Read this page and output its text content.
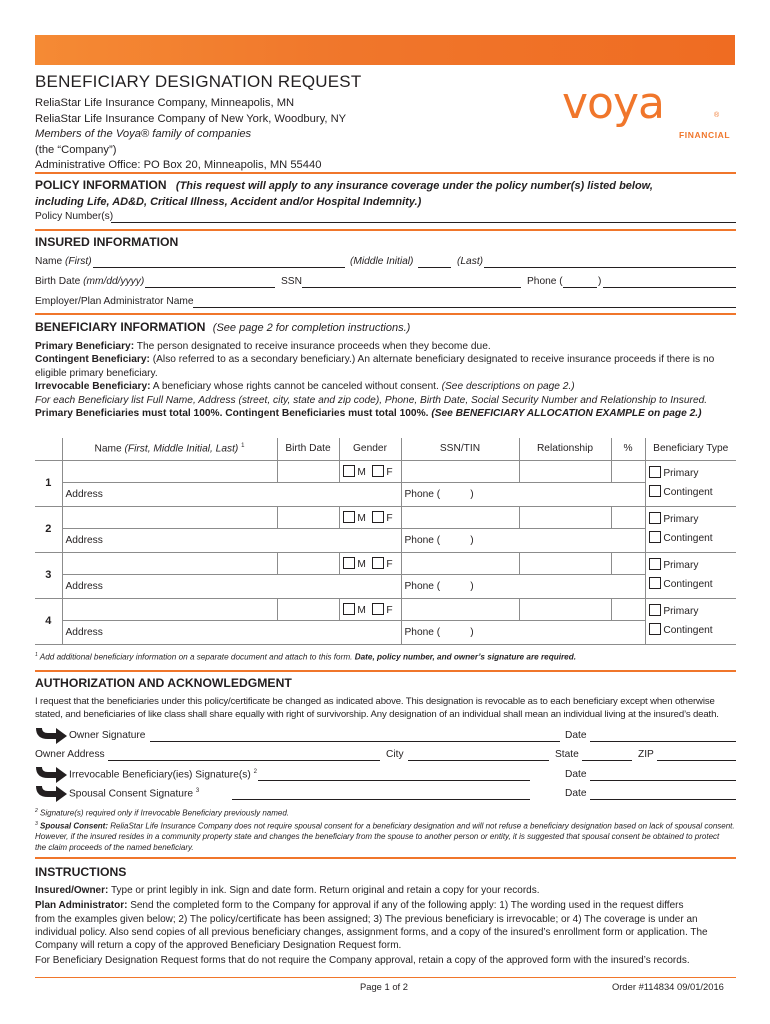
BENEFICIARY DESIGNATION REQUEST
ReliaStar Life Insurance Company, Minneapolis, MN
ReliaStar Life Insurance Company of New York, Woodbury, NY
Members of the Voya® family of companies
(the “Company”)
Administrative Office: PO Box 20, Minneapolis, MN 55440
voya	®
FINANCIAL
POLICY INFORMATION (This request will apply to any insurance coverage under the policy number(s) listed below,
including Life, AD&D, Critical Illness, Accident and/or Hospital Indemnity.)
Policy Number(s)
INSURED INFORMATION
Name (First)	(Middle Initial)	(Last)
Birth Date (mm/dd/yyyy)	SSN	Phone (	)
Employer/Plan Administrator Name
BENEFICIARY INFORMATION (See page 2 for completion instructions.)
Primary Beneficiary: The person designated to receive insurance proceeds when they become due.
Contingent Beneficiary: (Also referred to as a secondary beneficiary.) An alternate beneficiary designated to receive insurance proceeds if there is no
eligible primary beneficiary.
Irrevocable Beneficiary: A beneficiary whose rights cannot be canceled without consent. (See descriptions on page 2.)
For each Beneficiary list Full Name, Address (street, city, state and zip code), Phone, Birth Date, Social Security Number and Relationship to Insured.
Primary Beneficiaries must total 100%. Contingent Beneficiaries must total 100%. (See BENEFICIARY ALLOCATION EXAMPLE on page 2.)
	Name (First, Middle Initial, Last) $^1$	Birth Date	Gender	SSN/TIN	Relationship	%	Beneficiary Type
1			M F				Primary
Contingent

	Address			Phone ( )			
2			M F				Primary
Contingent

	Address			Phone ( )			
3			M F				Primary
Contingent

	Address			Phone ( )			
4			M F				Primary
Contingent

	Address			Phone ( )			
$^1$ Add additional beneficiary information on a separate document and attach to this form. Date, policy number, and owner’s signature are required.
AUTHORIZATION AND ACKNOWLEDGMENT
I request that the beneficiaries under this policy/certificate be changed as indicated above. This designation is revocable as to each beneficiary except when otherwise
stated, and beneficiaries of like class shall share equally with right of survivorship. Any designation of an individual shall mean an individual living at the insured’s death.
Owner Signature	Date
Owner Address	City	State	ZIP
Irrevocable Beneficiary(ies) Signature(s) $^2$	Date
Spousal Consent Signature $^3$	Date
$^2$ Signature(s) required only if Irrevocable Beneficiary previously named.
$^3$ Spousal Consent: ReliaStar Life Insurance Company does not require spousal consent for a beneficiary designation and will not refuse a beneficiary designation based on lack of spousal consent.
However, if the insured resides in a community property state and changes the beneficiary from the spouse to another person or entity, it is suggested that spousal consent be obtained to protect
the claim proceeds of the named beneficiary.
INSTRUCTIONS
Insured/Owner: Type or print legibly in ink. Sign and date form. Return original and retain a copy for your records.
Plan Administrator: Send the completed form to the Company for approval if any of the following apply: 1) The wording used in the request differs
from the examples given below; 2) The policy/certificate has been assigned; 3) The previous beneficiary is irrevocable; or 4) The coverage is under an
individual policy. Also send copies of all previous beneficiary changes, assignment forms, and a copy of the insured’s enrollment form or application. The
Company will return a copy of the approved Beneficiary Designation Request form.
For Beneficiary Designation Request forms that do not require the Company approval, retain a copy of the approved form with the insured’s records.
Page 1 of 2	Order #114834 09/01/2016
